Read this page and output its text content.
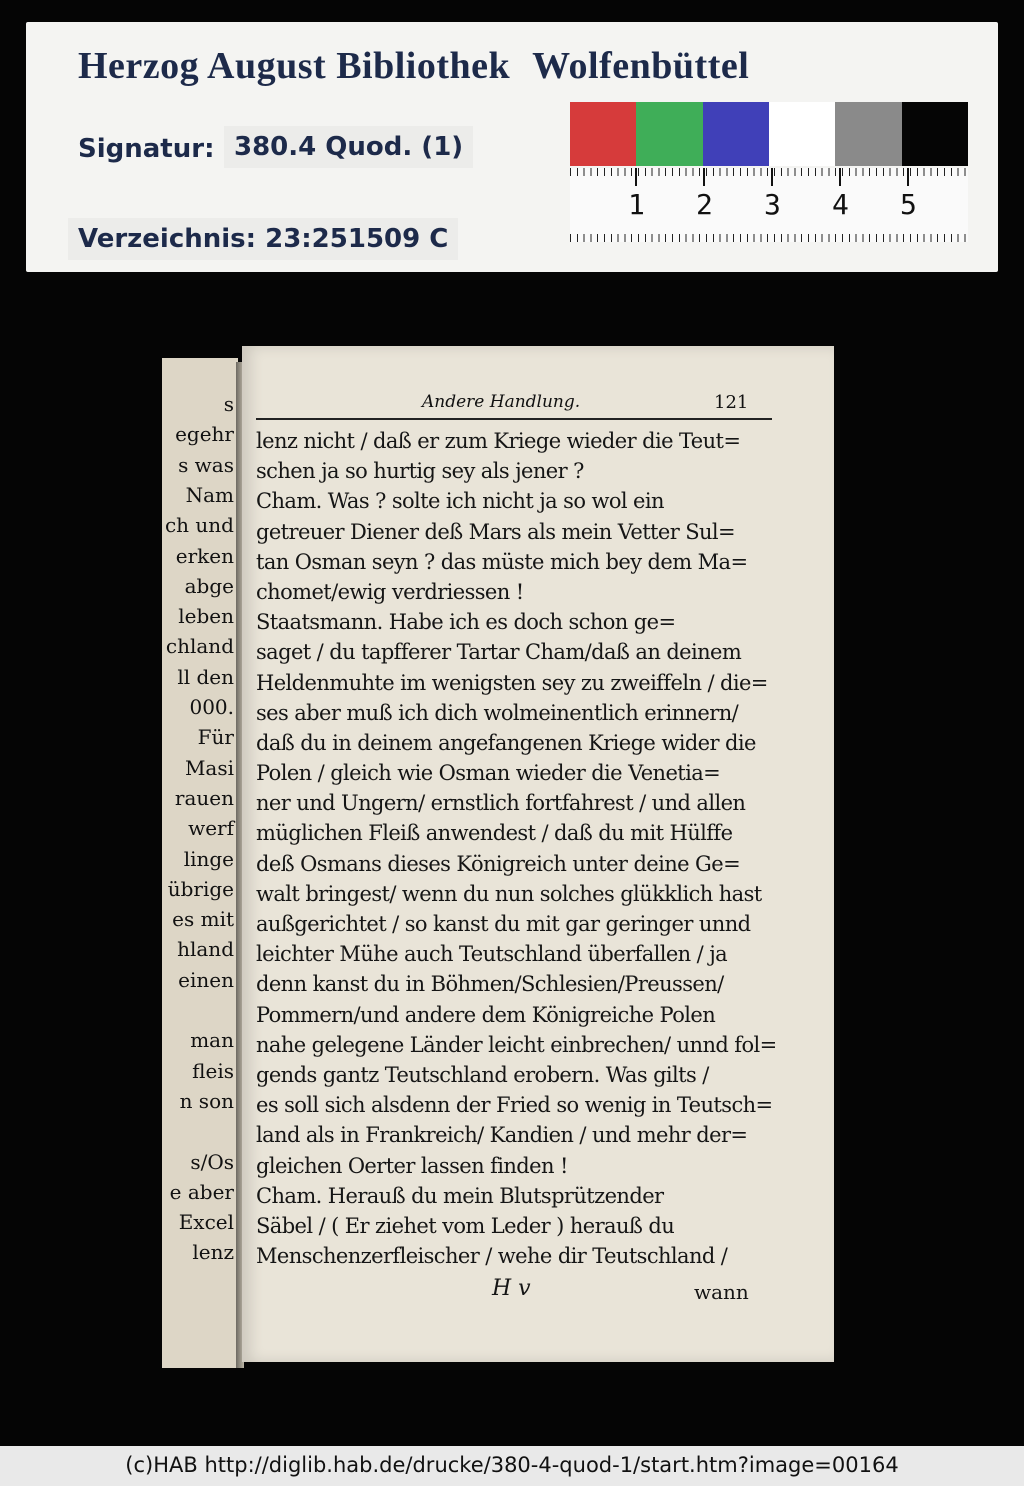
Herzog August Bibliothek Wolfenbüttel
Signatur: 380.4 Quod. (1)
Verzeichnis: 23:251509 C
1 2 3 4 5
s
egehr
s was
Nam
ch und
erken
abge
leben
chland
ll den
000.
Für
Masi
rauen
werf
linge
übrige
es mit
hland
einen
man
fleis
n son
s/Os
e aber
Excel
lenz
Andere Handlung.	121
lenz nicht / daß er zum Kriege wieder die Teut=
schen ja so hurtig sey als jener ?
Cham. Was ? solte ich nicht ja so wol ein
getreuer Diener deß Mars als mein Vetter Sul=
tan Osman seyn ? das müste mich bey dem Ma=
chomet/ewig verdriessen !
Staatsmann. Habe ich es doch schon ge=
saget / du tapfferer Tartar Cham/daß an deinem
Heldenmuhte im wenigsten sey zu zweiffeln / die=
ses aber muß ich dich wolmeinentlich erinnern/
daß du in deinem angefangenen Kriege wider die
Polen / gleich wie Osman wieder die Venetia=
ner und Ungern/ ernstlich fortfahrest / und allen
müglichen Fleiß anwendest / daß du mit Hülffe
deß Osmans dieses Königreich unter deine Ge=
walt bringest/ wenn du nun solches glükklich hast
außgerichtet / so kanst du mit gar geringer unnd
leichter Mühe auch Teutschland überfallen / ja
denn kanst du in Böhmen/Schlesien/Preussen/
Pommern/und andere dem Königreiche Polen
nahe gelegene Länder leicht einbrechen/ unnd fol=
gends gantz Teutschland erobern. Was gilts /
es soll sich alsdenn der Fried so wenig in Teutsch=
land als in Frankreich/ Kandien / und mehr der=
gleichen Oerter lassen finden !
Cham. Herauß du mein Blutsprützender
Säbel / ( Er ziehet vom Leder ) herauß du
Menschenzerfleischer / wehe dir Teutschland /
H v	wann
(c)HAB http://diglib.hab.de/drucke/380-4-quod-1/start.htm?image=00164
